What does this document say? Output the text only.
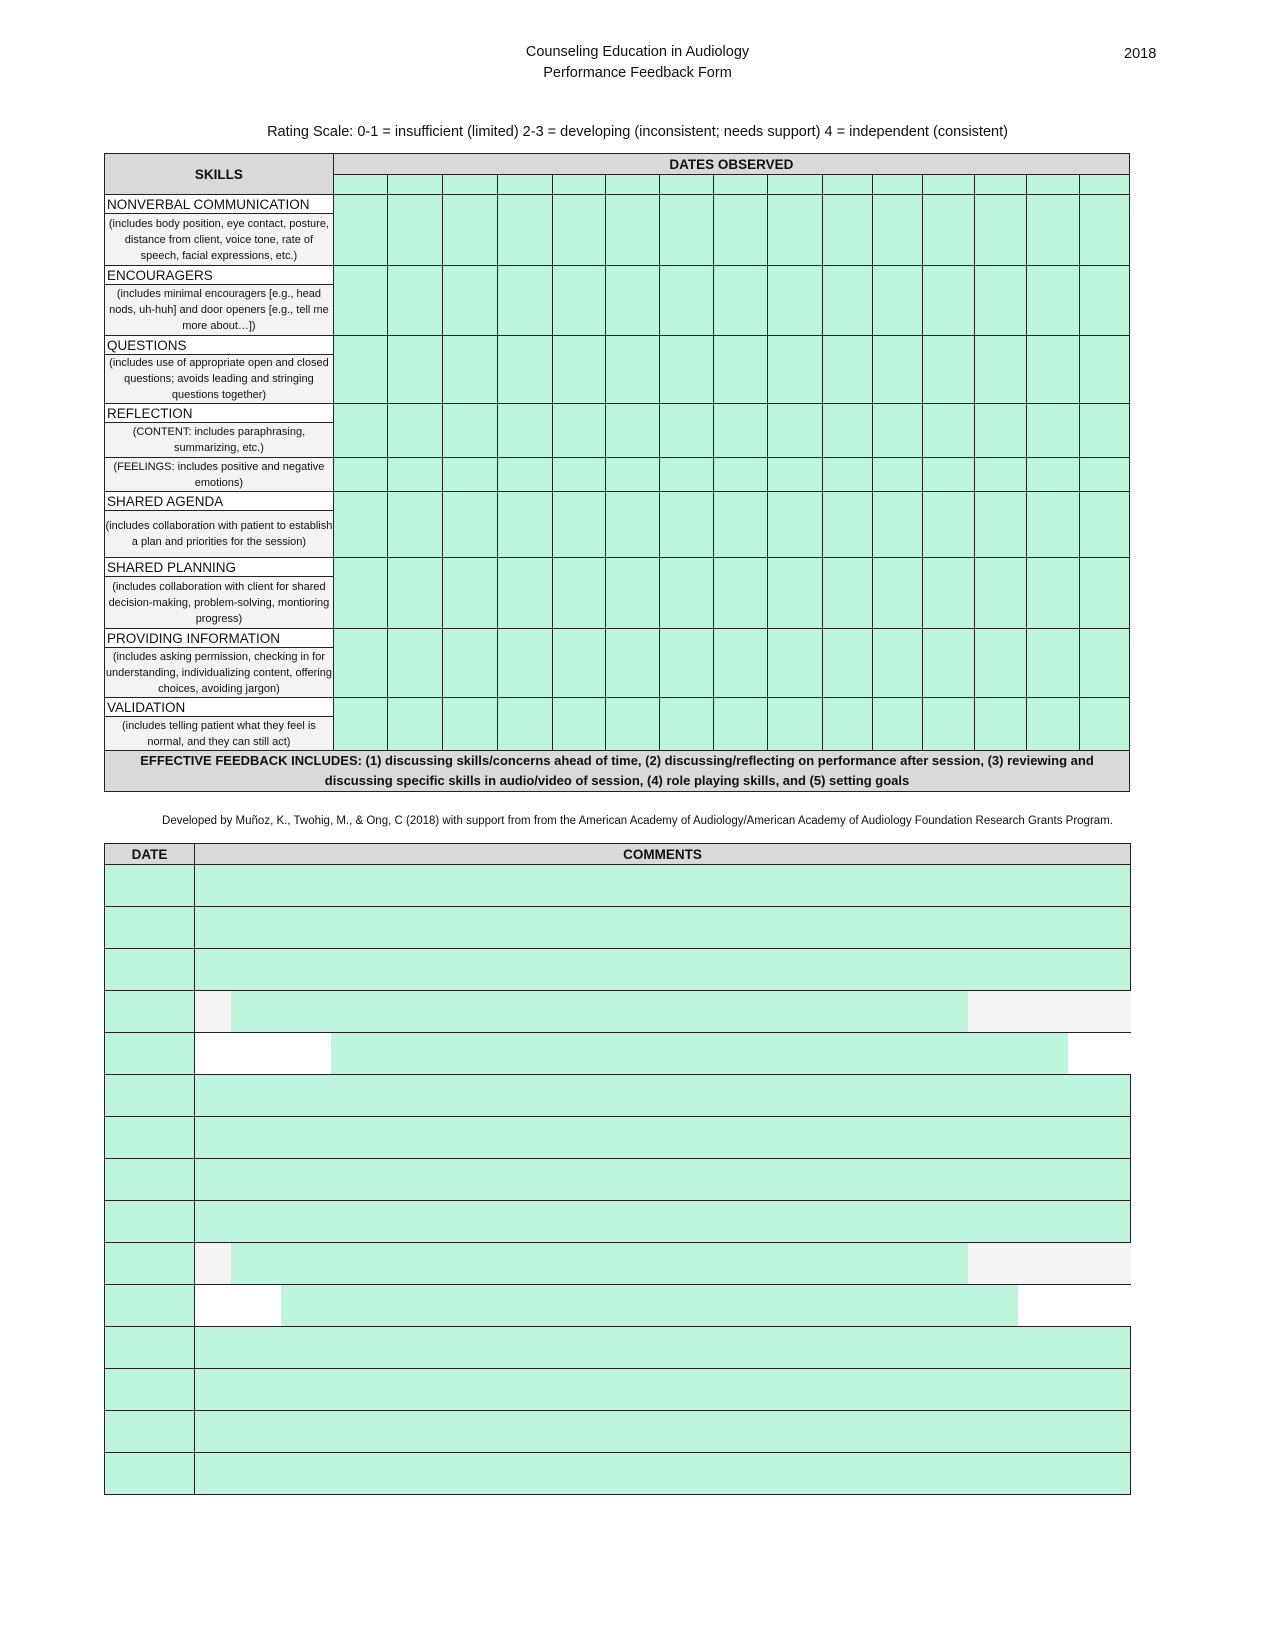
Counseling Education in Audiology
Performance Feedback Form
2018
Rating Scale: 0-1 = insufficient (limited) 2-3 = developing (inconsistent; needs support) 4 = independent (consistent)
SKILLS	DATES OBSERVED														

NONVERBAL COMMUNICATION															
(includes body position, eye contact, posture, distance from client, voice tone, rate of speech, facial expressions, etc.)															
ENCOURAGERS															
(includes minimal encouragers [e.g., head nods, uh-huh] and door openers [e.g., tell me more about…])															
QUESTIONS															
(includes use of appropriate open and closed questions; avoids leading and stringing questions together)															
REFLECTION															
(CONTENT: includes paraphrasing, summarizing, etc.)															
(FEELINGS: includes positive and negative emotions)															
SHARED AGENDA															
(includes collaboration with patient to establish a plan and priorities for the session)															
SHARED PLANNING															
(includes collaboration with client for shared decision-making, problem-solving, montioring progress)															
PROVIDING INFORMATION															
(includes asking permission, checking in for understanding, individualizing content, offering choices, avoiding jargon)															
VALIDATION															
(includes telling patient what they feel is normal, and they can still act)															
EFFECTIVE FEEDBACK INCLUDES: (1) discussing skills/concerns ahead of time, (2) discussing/reflecting on performance after session, (3) reviewing and discussing specific skills in audio/video of session, (4) role playing skills, and (5) setting goals															
Developed by Muñoz, K., Twohig, M., & Ong, C (2018) with support from from the American Academy of Audiology/American Academy of Audiology Foundation Research Grants Program.
DATE	COMMENTS
